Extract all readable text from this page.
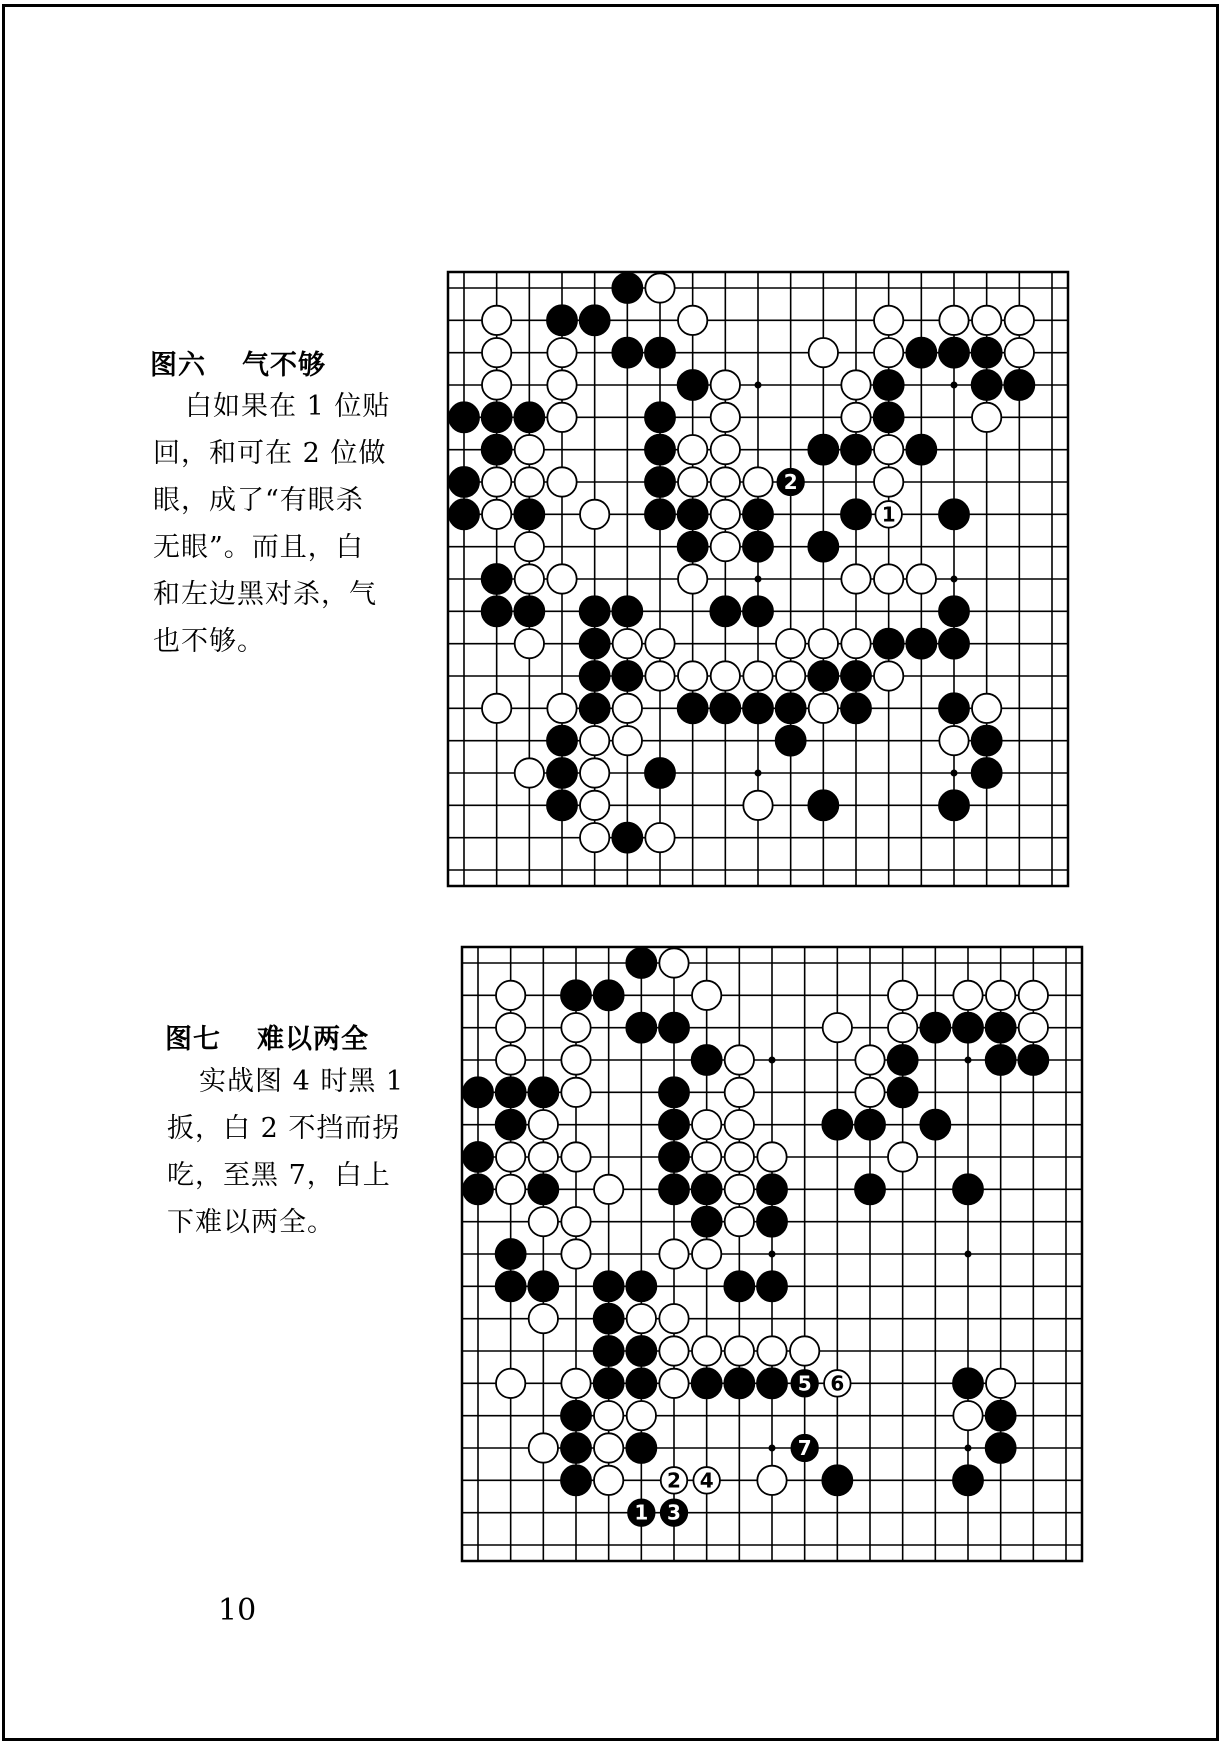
图六 气不够
白如果在 1 位贴
回，和可在 2 位做
眼，成了“有眼杀
无眼”。而且，白
和左边黑对杀，气
也不够。
2
1
图七 难以两全
实战图 4 时黑 1
扳，白 2 不挡而拐
吃，至黑 7，白上
下难以两全。
1
2
3
4
5 6
7
10
